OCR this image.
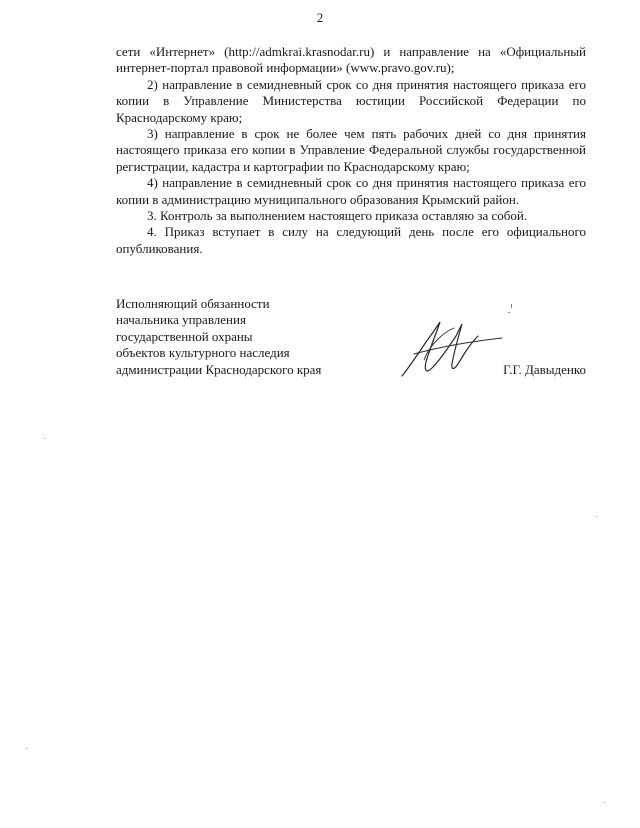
2

сети «Интернет» (http://admkrai.krasnodar.ru) и направление на «Официальный интернет-портал правовой информации» (www.pravo.gov.ru);

2) направление в семидневный срок со дня принятия настоящего приказа его копии в Управление Министерства юстиции Российской Федерации по Краснодарскому краю;

3) направление в срок не более чем пять рабочих дней со дня принятия настоящего приказа его копии в Управление Федеральной службы государственной регистрации, кадастра и картографии по Краснодарскому краю;

4) направление в семидневный срок со дня принятия настоящего приказа его копии в администрацию муниципального образования Крымский район.

3. Контроль за выполнением настоящего приказа оставляю за собой.

4. Приказ вступает в силу на следующий день после его официального опубликования.

Исполняющий обязанности
начальника управления
государственной охраны
объектов культурного наследия
администрации Краснодарского края	Г.Г. Давыденко
